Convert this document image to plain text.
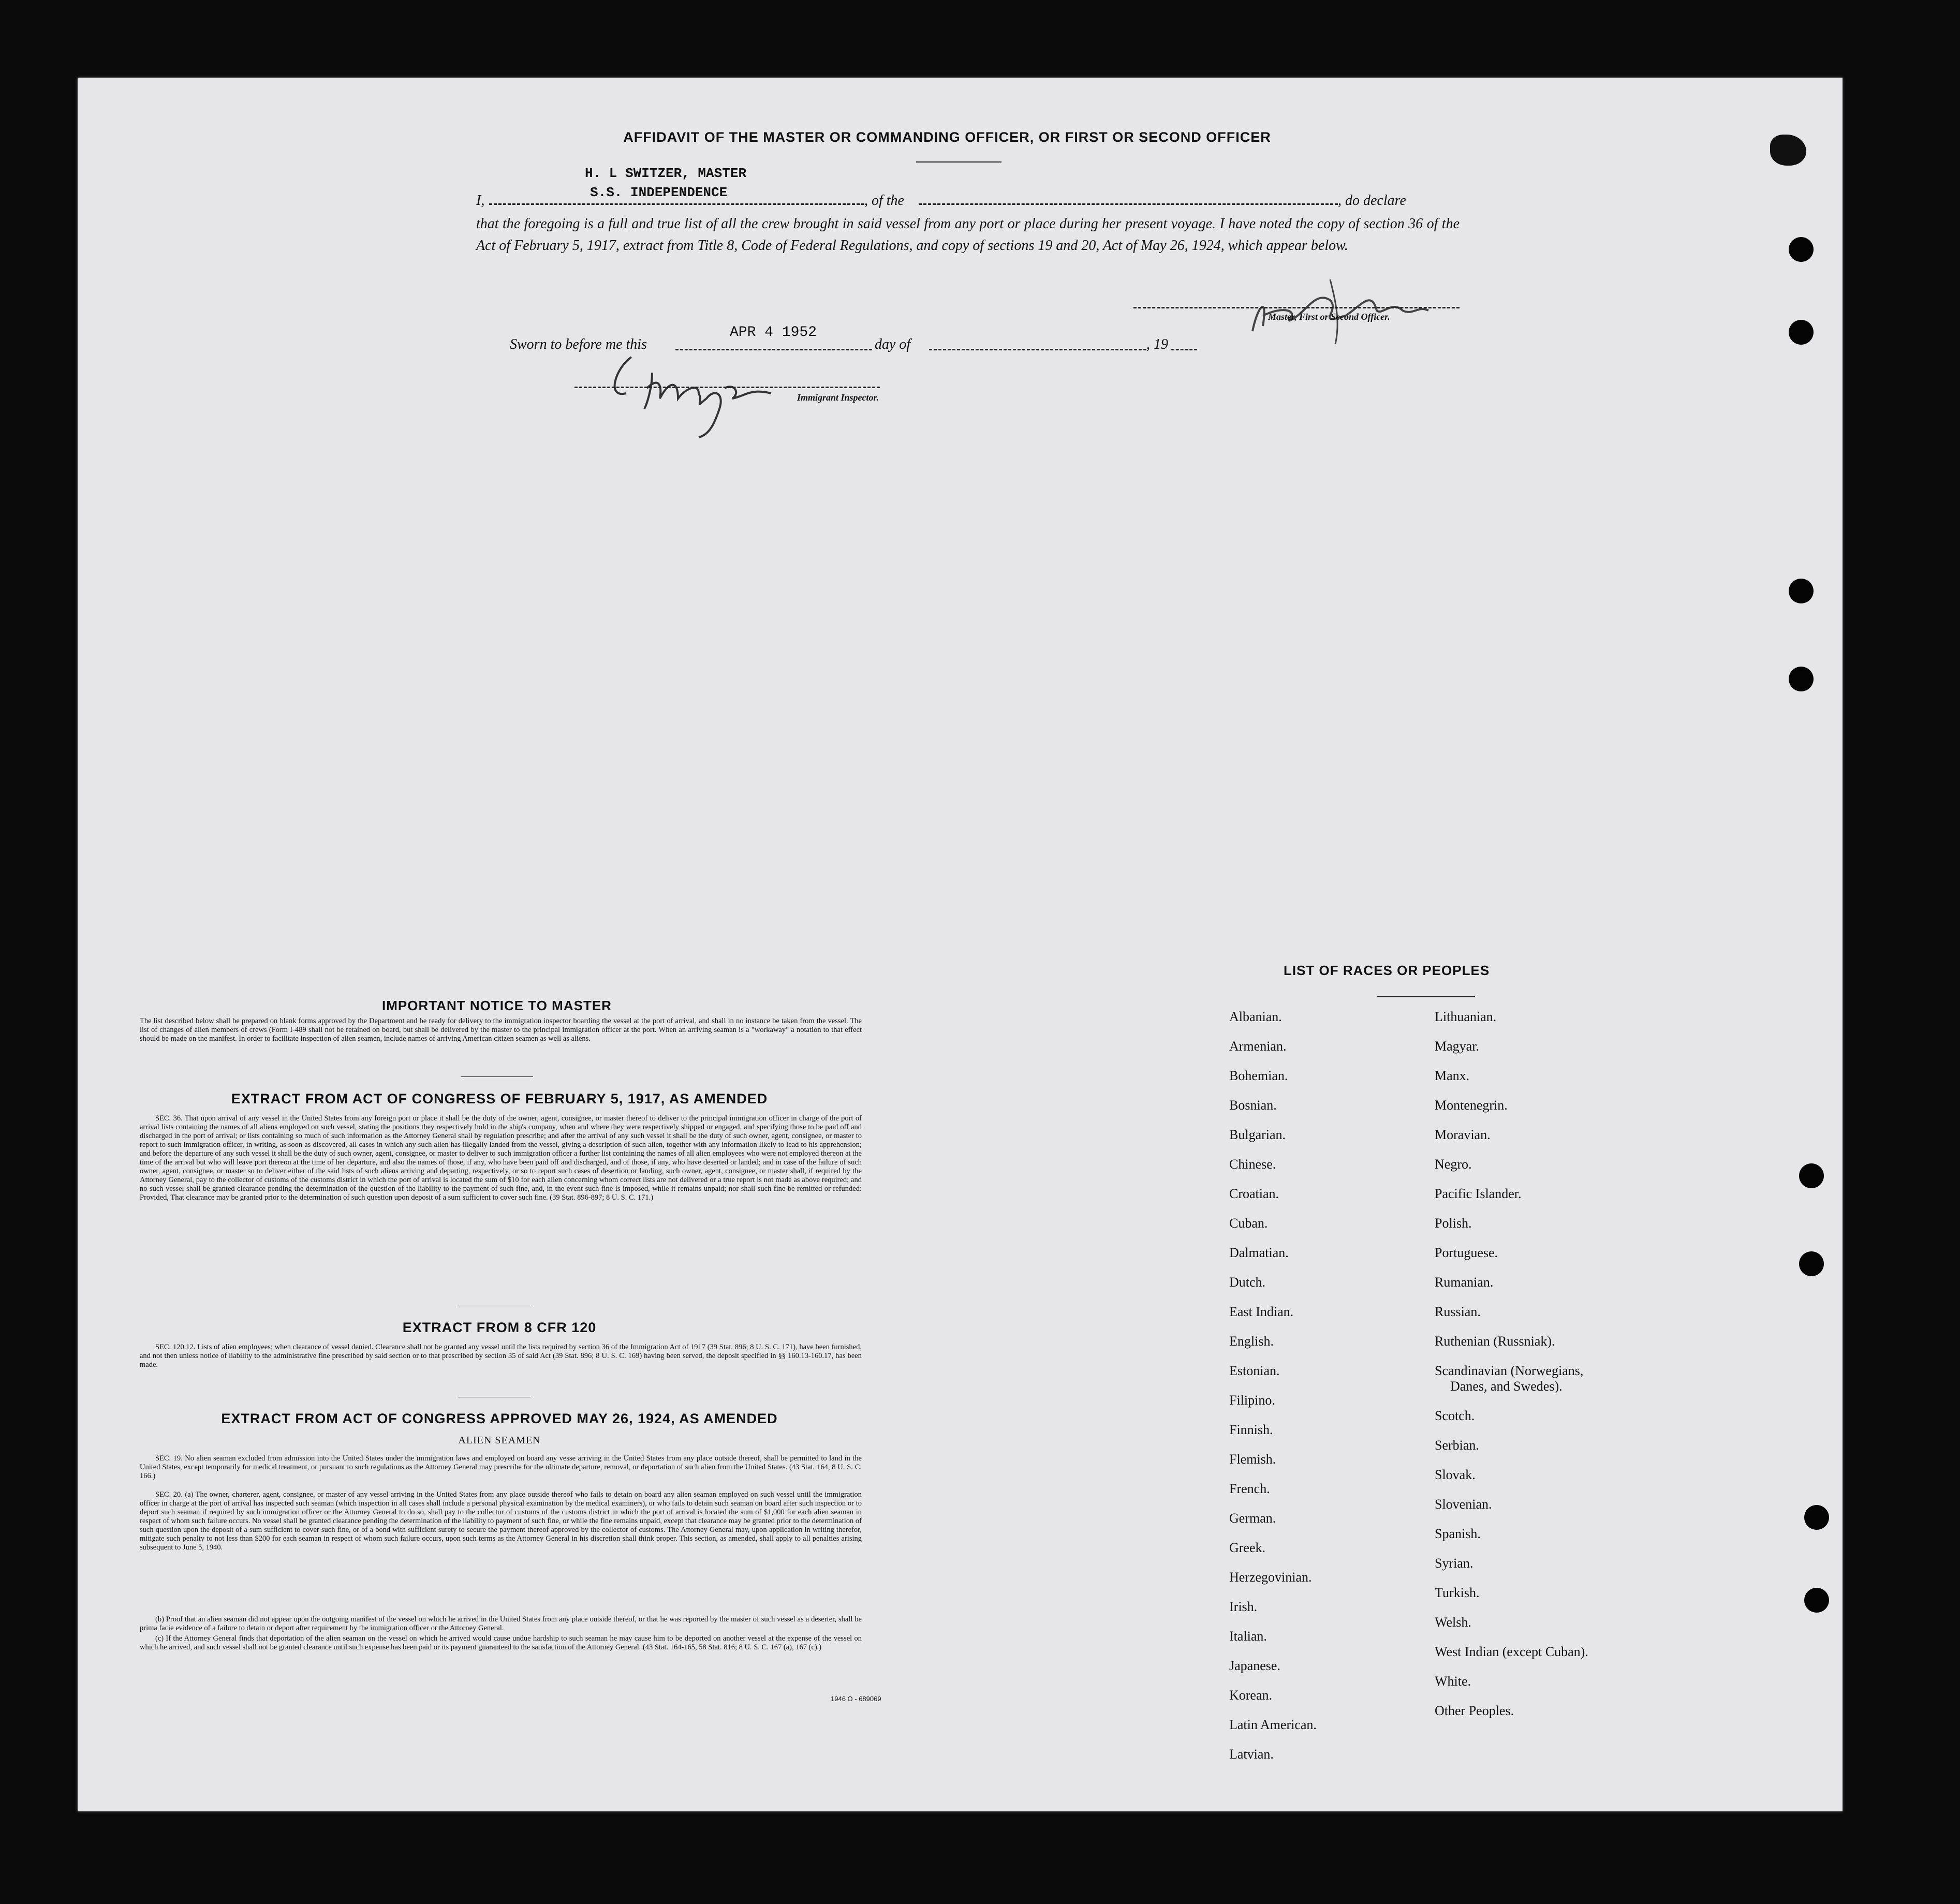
AFFIDAVIT OF THE MASTER OR COMMANDING OFFICER, OR FIRST OR SECOND OFFICER
H. L SWITZER, MASTER
S.S. INDEPENDENCE
I,	, of the	, do declare
that the foregoing is a full and true list of all the crew brought in said vessel from any port or place during her present voyage. I have noted the copy of section 36 of the Act of February 5, 1917, extract from Title 8, Code of Federal Regulations, and copy of sections 19 and 20, Act of May 26, 1924, which appear below.
Master, First or Second Officer.
Sworn to before me this
APR 4 1952
day of	, 19
Immigrant Inspector.
IMPORTANT NOTICE TO MASTER
The list described below shall be prepared on blank forms approved by the Department and be ready for delivery to the immigration inspector boarding the vessel at the port of arrival, and shall in no instance be taken from the vessel. The list of changes of alien members of crews (Form I-489 shall not be retained on board, but shall be delivered by the master to the principal immigration officer at the port. When an arriving seaman is a "workaway" a notation to that effect should be made on the manifest. In order to facilitate inspection of alien seamen, include names of arriving American citizen seamen as well as aliens.
EXTRACT FROM ACT OF CONGRESS OF FEBRUARY 5, 1917, AS AMENDED
SEC. 36. That upon arrival of any vessel in the United States from any foreign port or place it shall be the duty of the owner, agent, consignee, or master thereof to deliver to the principal immigration officer in charge of the port of arrival lists containing the names of all aliens employed on such vessel, stating the positions they respectively hold in the ship's company, when and where they were respectively shipped or engaged, and specifying those to be paid off and discharged in the port of arrival; or lists containing so much of such information as the Attorney General shall by regulation prescribe; and after the arrival of any such vessel it shall be the duty of such owner, agent, consignee, or master to report to such immigration officer, in writing, as soon as discovered, all cases in which any such alien has illegally landed from the vessel, giving a description of such alien, together with any information likely to lead to his apprehension; and before the departure of any such vessel it shall be the duty of such owner, agent, consignee, or master to deliver to such immigration officer a further list containing the names of all alien employees who were not employed thereon at the time of the arrival but who will leave port thereon at the time of her departure, and also the names of those, if any, who have been paid off and discharged, and of those, if any, who have deserted or landed; and in case of the failure of such owner, agent, consignee, or master so to deliver either of the said lists of such aliens arriving and departing, respectively, or so to report such cases of desertion or landing, such owner, agent, consignee, or master shall, if required by the Attorney General, pay to the collector of customs of the customs district in which the port of arrival is located the sum of $10 for each alien concerning whom correct lists are not delivered or a true report is not made as above required; and no such vessel shall be granted clearance pending the determination of the question of the liability to the payment of such fine, and, in the event such fine is imposed, while it remains unpaid; nor shall such fine be remitted or refunded: Provided, That clearance may be granted prior to the determination of such question upon deposit of a sum sufficient to cover such fine. (39 Stat. 896-897; 8 U. S. C. 171.)
EXTRACT FROM 8 CFR 120
SEC. 120.12. Lists of alien employees; when clearance of vessel denied. Clearance shall not be granted any vessel until the lists required by section 36 of the Immigration Act of 1917 (39 Stat. 896; 8 U. S. C. 171), have been furnished, and not then unless notice of liability to the administrative fine prescribed by said section or to that prescribed by section 35 of said Act (39 Stat. 896; 8 U. S. C. 169) having been served, the deposit specified in §§ 160.13-160.17, has been made.
EXTRACT FROM ACT OF CONGRESS APPROVED MAY 26, 1924, AS AMENDED
ALIEN SEAMEN
SEC. 19. No alien seaman excluded from admission into the United States under the immigration laws and employed on board any vesse arriving in the United States from any place outside thereof, shall be permitted to land in the United States, except temporarily for medical treatment, or pursuant to such regulations as the Attorney General may prescribe for the ultimate departure, removal, or deportation of such alien from the United States. (43 Stat. 164, 8 U. S. C. 166.)
SEC. 20. (a) The owner, charterer, agent, consignee, or master of any vessel arriving in the United States from any place outside thereof who fails to detain on board any alien seaman employed on such vessel until the immigration officer in charge at the port of arrival has inspected such seaman (which inspection in all cases shall include a personal physical examination by the medical examiners), or who fails to detain such seaman on board after such inspection or to deport such seaman if required by such immigration officer or the Attorney General to do so, shall pay to the collector of customs of the customs district in which the port of arrival is located the sum of $1,000 for each alien seaman in respect of whom such failure occurs. No vessel shall be granted clearance pending the determination of the liability to payment of such fine, or while the fine remains unpaid, except that clearance may be granted prior to the determination of such question upon the deposit of a sum sufficient to cover such fine, or of a bond with sufficient surety to secure the payment thereof approved by the collector of customs. The Attorney General may, upon application in writing therefor, mitigate such penalty to not less than $200 for each seaman in respect of whom such failure occurs, upon such terms as the Attorney General in his discretion shall think proper. This section, as amended, shall apply to all penalties arising subsequent to June 5, 1940.
(b) Proof that an alien seaman did not appear upon the outgoing manifest of the vessel on which he arrived in the United States from any place outside thereof, or that he was reported by the master of such vessel as a deserter, shall be prima facie evidence of a failure to detain or deport after requirement by the immigration officer or the Attorney General.
(c) If the Attorney General finds that deportation of the alien seaman on the vessel on which he arrived would cause undue hardship to such seaman he may cause him to be deported on another vessel at the expense of the vessel on which he arrived, and such vessel shall not be granted clearance until such expense has been paid or its payment guaranteed to the satisfaction of the Attorney General. (43 Stat. 164-165, 58 Stat. 816; 8 U. S. C. 167 (a), 167 (c).)
1946 O - 689069
LIST OF RACES OR PEOPLES
Albanian.
Armenian.
Bohemian.
Bosnian.
Bulgarian.
Chinese.
Croatian.
Cuban.
Dalmatian.
Dutch.
East Indian.
English.
Estonian.
Filipino.
Finnish.
Flemish.
French.
German.
Greek.
Herzegovinian.
Irish.
Italian.
Japanese.
Korean.
Latin American.
Latvian.
Lithuanian.
Magyar.
Manx.
Montenegrin.
Moravian.
Negro.
Pacific Islander.
Polish.
Portuguese.
Rumanian.
Russian.
Ruthenian (Russniak).
Scandinavian (Norwegians,
Danes, and Swedes).
Scotch.
Serbian.
Slovak.
Slovenian.
Spanish.
Syrian.
Turkish.
Welsh.
West Indian (except Cuban).
White.
Other Peoples.
